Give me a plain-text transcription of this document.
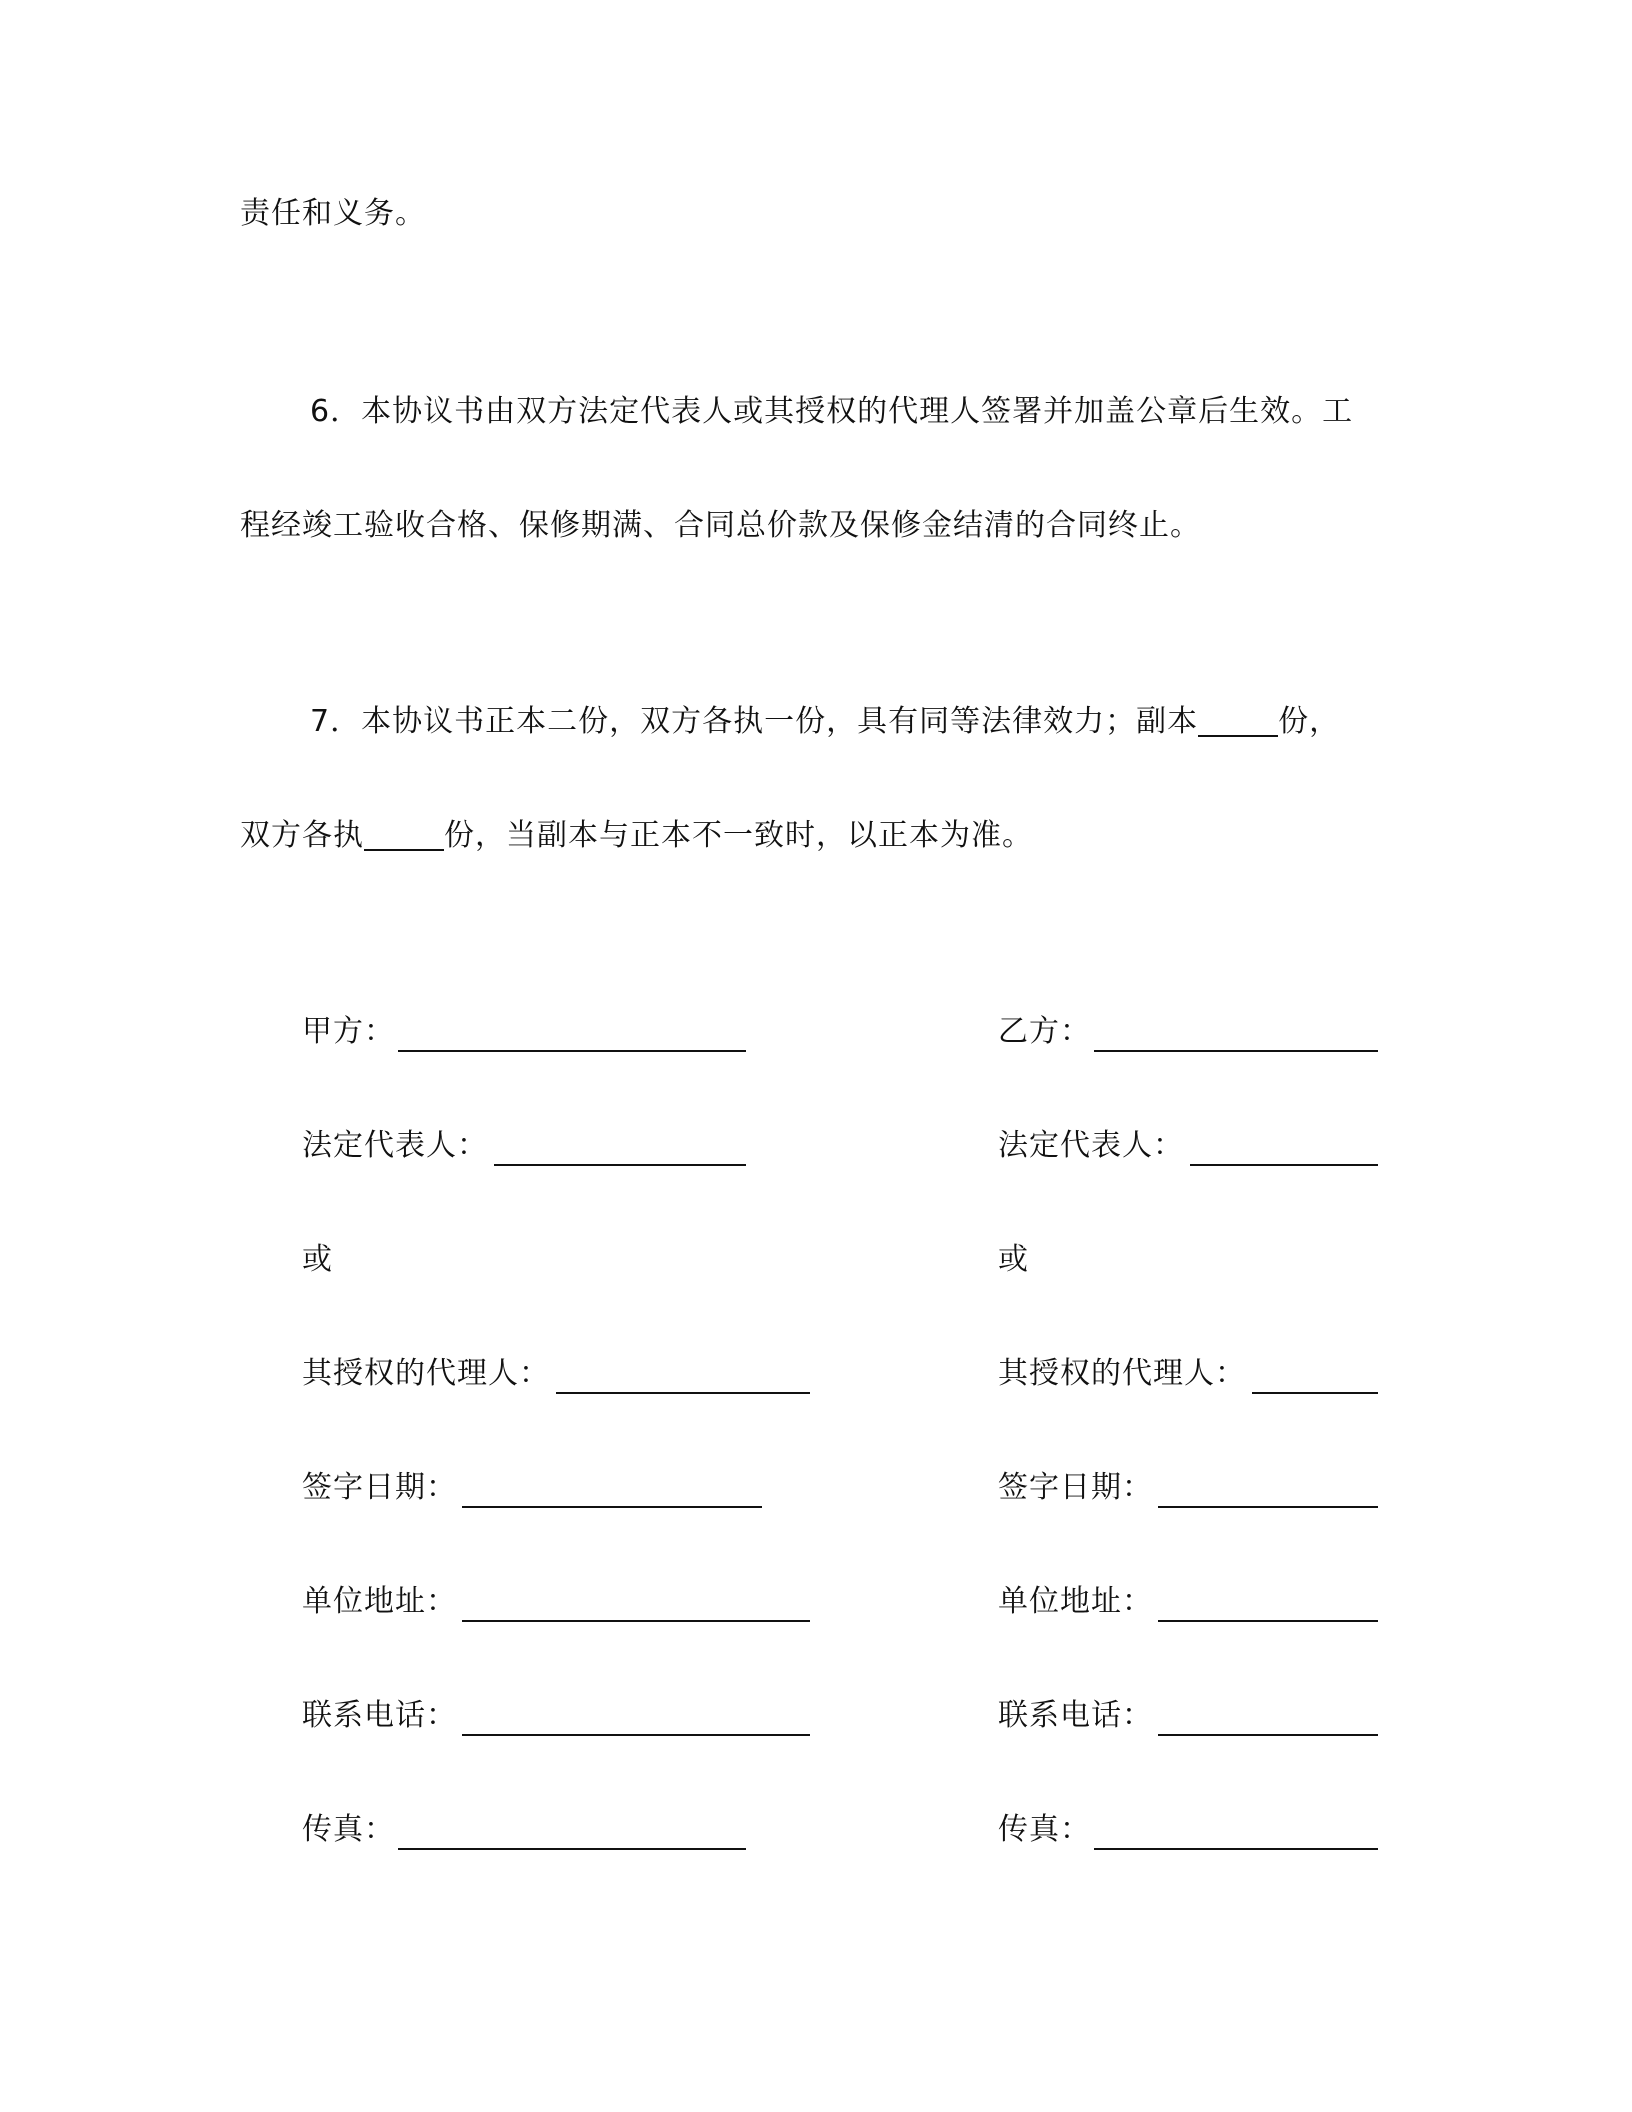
责任和义务。
6．本协议书由双方法定代表人或其授权的代理人签署并加盖公章后生效。工
程经竣工验收合格、保修期满、合同总价款及保修金结清的合同终止。
7．本协议书正本二份，双方各执一份，具有同等法律效力；副本	份，
双方各执	份，当副本与正本不一致时，以正本为准。
甲方：
法定代表人：
或
其授权的代理人：
签字日期：
单位地址：
联系电话：
传真：
乙方：
法定代表人：
或
其授权的代理人：
签字日期：
单位地址：
联系电话：
传真：
